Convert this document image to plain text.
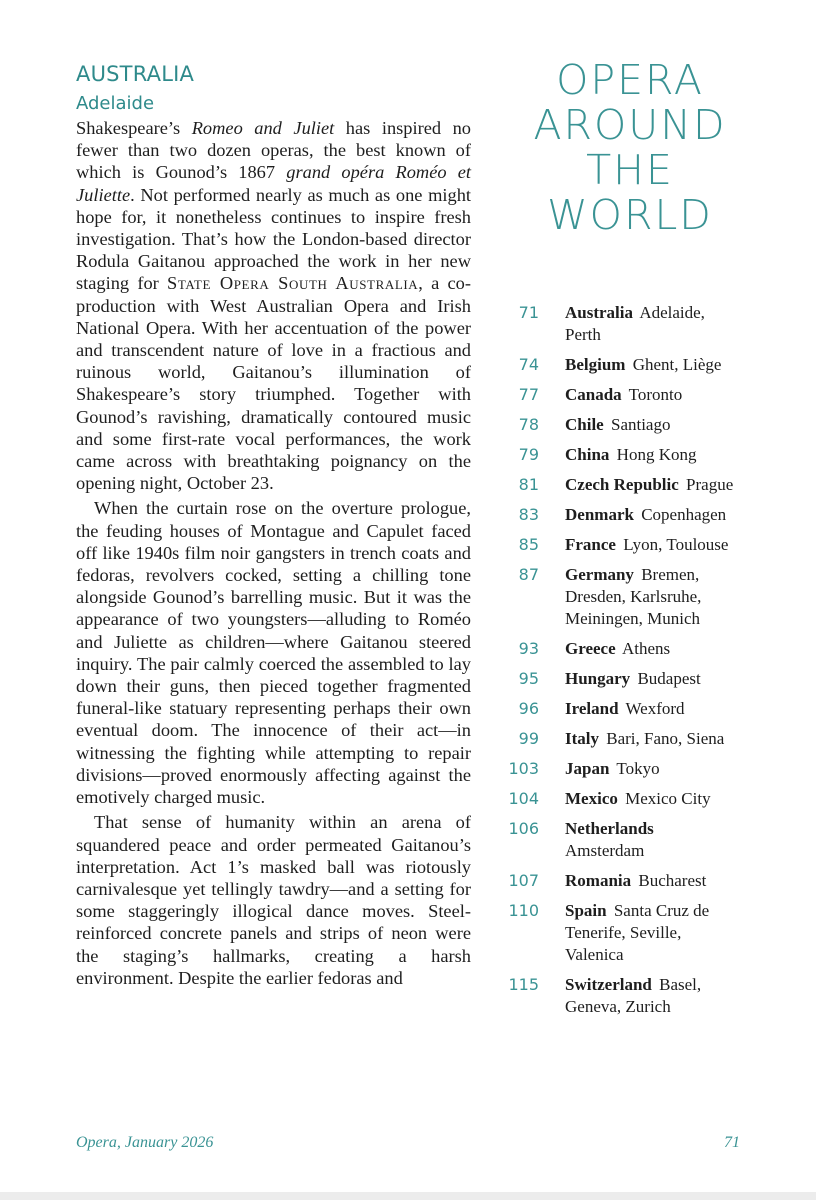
AUSTRALIA
Adelaide

Shakespeare’s Romeo and Juliet has inspired no fewer than two dozen operas, the best known of which is Gounod’s 1867 grand opéra Roméo et Juliette. Not performed nearly as much as one might hope for, it nonetheless continues to inspire fresh investigation. That’s how the London-based director Rodula Gaitanou approached the work in her new staging for State Opera South Australia, a co-production with West Australian Opera and Irish National Opera. With her accentuation of the power and transcendent nature of love in a fractious and ruinous world, Gaitanou’s illumination of Shakespeare’s story triumphed. Together with Gounod’s ravishing, dramatically contoured music and some first-rate vocal performances, the work came across with breathtaking poignancy on the opening night, October 23.

When the curtain rose on the overture prologue, the feuding houses of Montague and Capulet faced off like 1940s film noir gangsters in trench coats and fedoras, revolvers cocked, setting a chilling tone alongside Gounod’s barrelling music. But it was the appearance of two youngsters—alluding to Roméo and Juliette as children—where Gaitanou steered inquiry. The pair calmly coerced the assembled to lay down their guns, then pieced together fragmented funeral-like statuary representing perhaps their own eventual doom. The innocence of their act—in witnessing the fighting while attempting to repair divisions—proved enormously affecting against the emotively charged music.

That sense of humanity within an arena of squandered peace and order permeated Gaitanou’s interpretation. Act 1’s masked ball was riotously carnivalesque yet tellingly tawdry—and a setting for some staggeringly illogical dance moves. Steel-reinforced concrete panels and strips of neon were the staging’s hallmarks, creating a harsh environment. Despite the earlier fedoras and

OPERA
AROUND
THE
WORLD
71 Australia Adelaide, Perth
74 Belgium Ghent, Liège
77 Canada Toronto
78 Chile Santiago
79 China Hong Kong
81 Czech Republic Prague
83 Denmark Copenhagen
85 France Lyon, Toulouse
87 Germany Bremen, Dresden, Karlsruhe, Meiningen, Munich
93 Greece Athens
95 Hungary Budapest
96 Ireland Wexford
99 Italy Bari, Fano, Siena
103 Japan Tokyo
104 Mexico Mexico City
106 Netherlands Amsterdam
107 Romania Bucharest
110 Spain Santa Cruz de Tenerife, Seville, Valenica
115 Switzerland Basel, Geneva, Zurich
Opera, January 2026	71
